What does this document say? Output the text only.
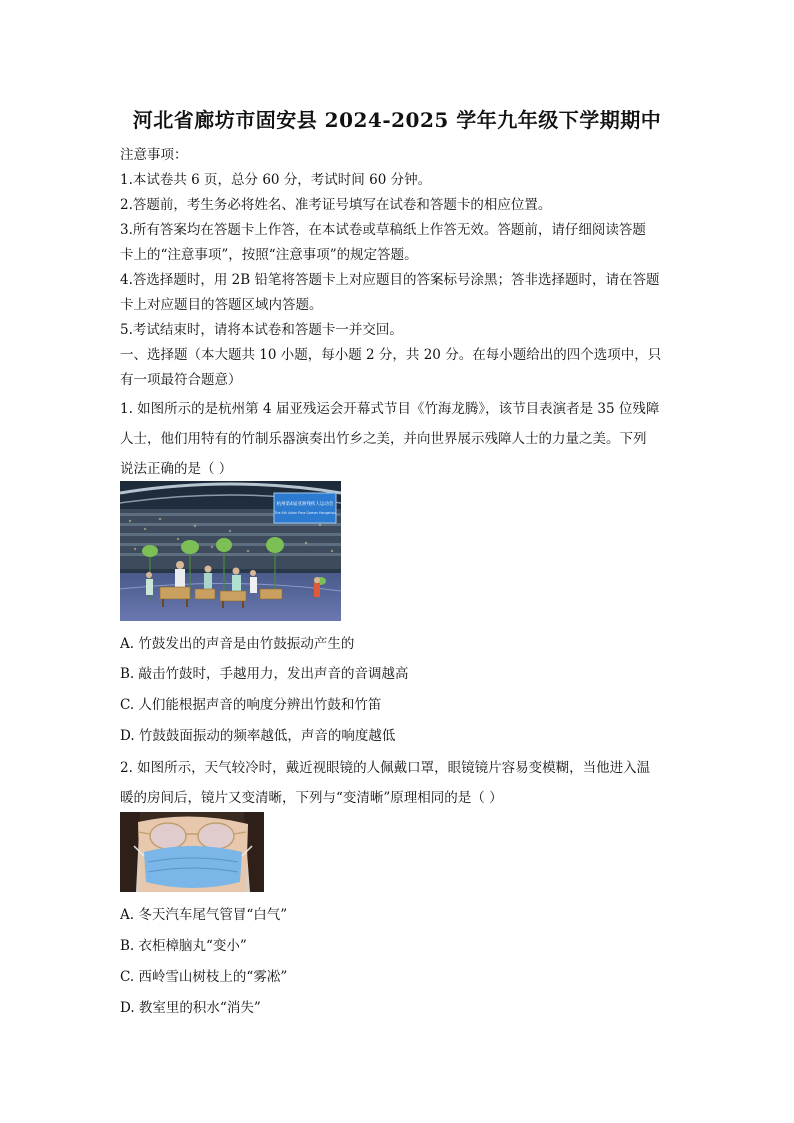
河北省廊坊市固安县 2024-2025 学年九年级下学期期中
注意事项：
1.本试卷共 6 页，总分 60 分，考试时间 60 分钟。
2.答题前，考生务必将姓名、准考证号填写在试卷和答题卡的相应位置。
3.所有答案均在答题卡上作答，在本试卷或草稿纸上作答无效。答题前，请仔细阅读答题
卡上的“注意事项”，按照“注意事项”的规定答题。
4.答选择题时，用 2B 铅笔将答题卡上对应题目的答案标号涂黑；答非选择题时，请在答题
卡上对应题目的答题区域内答题。
5.考试结束时，请将本试卷和答题卡一并交回。
一、选择题（本大题共 10 小题，每小题 2 分，共 20 分。在每小题给出的四个选项中，只
有一项最符合题意）
1. 如图所示的是杭州第 4 届亚残运会开幕式节目《竹海龙腾》，该节目表演者是 35 位残障
人士，他们用特有的竹制乐器演奏出竹乡之美，并向世界展示残障人士的力量之美。下列
说法正确的是（ ）
杭州第4届亚洲残疾人运动会
The 4th Asian Para Games Hangzhou
A. 竹鼓发出的声音是由竹鼓振动产生的
B. 敲击竹鼓时，手越用力，发出声音的音调越高
C. 人们能根据声音的响度分辨出竹鼓和竹笛
D. 竹鼓鼓面振动的频率越低，声音的响度越低
2. 如图所示，天气较冷时，戴近视眼镜的人佩戴口罩，眼镜镜片容易变模糊，当他进入温
暖的房间后，镜片又变清晰，下列与“变清晰”原理相同的是（ ）
A. 冬天汽车尾气管冒“白气”
B. 衣柜樟脑丸“变小”
C. 西岭雪山树枝上的“雾凇”
D. 教室里的积水“消失”
